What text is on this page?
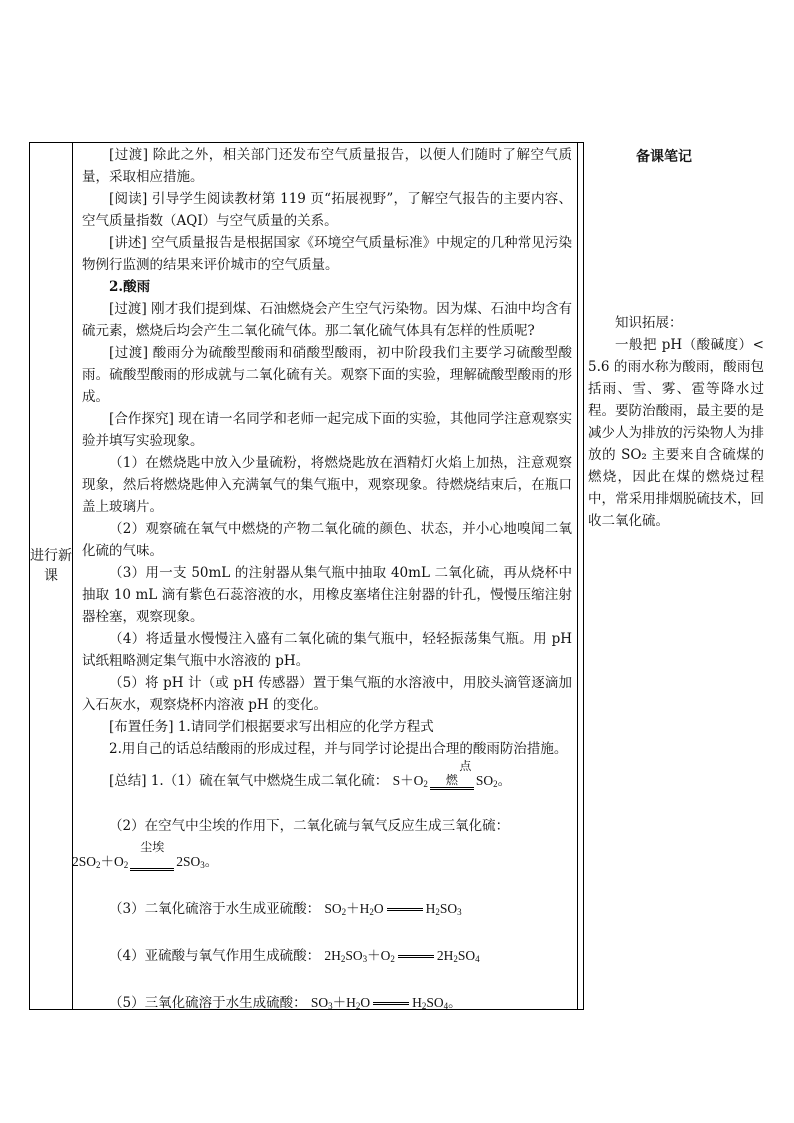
进行新课

[过渡] 除此之外，相关部门还发布空气质量报告，以便人们随时了解空气质量，采取相应措施。

[阅读] 引导学生阅读教材第 119 页“拓展视野”，了解空气报告的主要内容、空气质量指数（AQI）与空气质量的关系。

[讲述] 空气质量报告是根据国家《环境空气质量标准》中规定的几种常见污染物例行监测的结果来评价城市的空气质量。

2.酸雨

[过渡] 刚才我们提到煤、石油燃烧会产生空气污染物。因为煤、石油中均含有硫元素，燃烧后均会产生二氧化硫气体。那二氧化硫气体具有怎样的性质呢?

[过渡] 酸雨分为硫酸型酸雨和硝酸型酸雨，初中阶段我们主要学习硫酸型酸雨。硫酸型酸雨的形成就与二氧化硫有关。观察下面的实验，理解硫酸型酸雨的形成。

[合作探究] 现在请一名同学和老师一起完成下面的实验，其他同学注意观察实验并填写实验现象。

（1）在燃烧匙中放入少量硫粉，将燃烧匙放在酒精灯火焰上加热，注意观察现象，然后将燃烧匙伸入充满氧气的集气瓶中，观察现象。待燃烧结束后，在瓶口盖上玻璃片。

（2）观察硫在氧气中燃烧的产物二氧化硫的颜色、状态，并小心地嗅闻二氧化硫的气味。

（3）用一支 50mL 的注射器从集气瓶中抽取 40mL 二氧化硫，再从烧杯中抽取 10 mL 滴有紫色石蕊溶液的水，用橡皮塞堵住注射器的针孔，慢慢压缩注射器栓塞，观察现象。

（4）将适量水慢慢注入盛有二氧化硫的集气瓶中，轻轻振荡集气瓶。用 pH 试纸粗略测定集气瓶中水溶液的 pH。

（5）将 pH 计（或 pH 传感器）置于集气瓶的水溶液中，用胶头滴管逐滴加入石灰水，观察烧杯内溶液 pH 的变化。

[布置任务] 1.请同学们根据要求写出相应的化学方程式

2.用自己的话总结酸雨的形成过程，并与同学讨论提出合理的酸雨防治措施。

[总结] 1.（1）硫在氧气中燃烧生成二氧化硫： $S+O_2$
点燃	$SO_2$。

（2）在空气中尘埃的作用下，二氧化硫与氧气反应生成三氧化硫：

$2SO_2+O_2$
尘埃
$2SO_3$。

（3）二氧化硫溶于水生成亚硫酸： $SO_2+H_2O$	$H_2SO_3$

（4）亚硫酸与氧气作用生成硫酸： $2H_2SO_3+O_2$	$2H_2SO_4$

（5）三氧化硫溶于水生成硫酸： $SO_3+H_2O$	$H_2SO_4$。

备课笔记

知识拓展：

一般把 pH（酸碱度）< 5.6 的雨水称为酸雨，酸雨包括雨、雪、雾、雹等降水过程。要防治酸雨，最主要的是减少人为排放的污染物人为排放的 SO₂ 主要来自含硫煤的燃烧，因此在煤的燃烧过程中，常采用排烟脱硫技术，回收二氧化硫。
